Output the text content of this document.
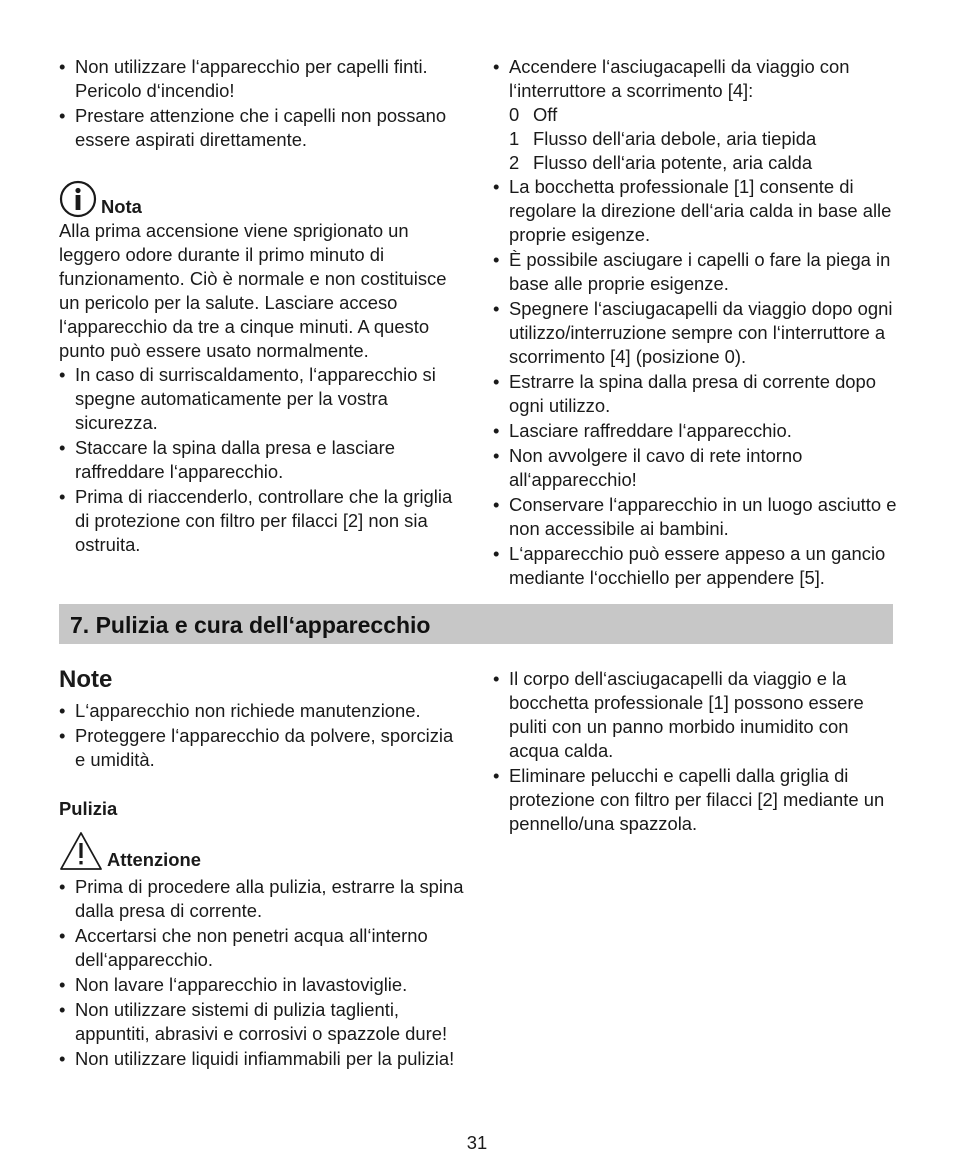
• Non utilizzare l‘apparecchio per capelli finti.
Pericolo d‘incendio!
• Prestare attenzione che i capelli non possano essere aspirati direttamente.
Nota

Alla prima accensione viene sprigionato un leggero odore durante il primo minuto di funzionamento. Ciò è normale e non costituisce un pericolo per la salute. Lasciare acceso l‘apparecchio da tre a cinque minuti. A questo punto può essere usato normalmente.

• In caso di surriscaldamento, l‘apparecchio si spegne automaticamente per la vostra sicurezza.
• Staccare la spina dalla presa e lasciare raffreddare l‘apparecchio.
• Prima di riaccenderlo, controllare che la griglia di protezione con filtro per filacci [2] non sia ostruita.
• Accendere l‘asciugacapelli da viaggio con l‘interruttore a scorrimento [4]:
0 Off
1 Flusso dell‘aria debole, aria tiepida
2 Flusso dell‘aria potente, aria calda
• La bocchetta professionale [1] consente di regolare la direzione dell‘aria calda in base alle proprie esigenze.
• È possibile asciugare i capelli o fare la piega in base alle proprie esigenze.
• Spegnere l‘asciugacapelli da viaggio dopo ogni utilizzo/interruzione sempre con l‘interruttore a scorrimento [4] (posizione 0).
• Estrarre la spina dalla presa di corrente dopo ogni utilizzo.
• Lasciare raffreddare l‘apparecchio.
• Non avvolgere il cavo di rete intorno all‘apparecchio!
• Conservare l‘apparecchio in un luogo asciutto e non accessibile ai bambini.
• L‘apparecchio può essere appeso a un gancio mediante l‘occhiello per appendere [5].
7. Pulizia e cura dell‘apparecchio
Note
• L‘apparecchio non richiede manutenzione.
• Proteggere l‘apparecchio da polvere, sporcizia e umidità.
Pulizia
Attenzione
• Prima di procedere alla pulizia, estrarre la spina dalla presa di corrente.
• Accertarsi che non penetri acqua all‘interno dell‘apparecchio.
• Non lavare l‘apparecchio in lavastoviglie.
• Non utilizzare sistemi di pulizia taglienti, appuntiti, abrasivi e corrosivi o spazzole dure!
• Non utilizzare liquidi infiammabili per la pulizia!
• Il corpo dell‘asciugacapelli da viaggio e la bocchetta professionale [1] possono essere puliti con un panno morbido inumidito con acqua calda.
• Eliminare pelucchi e capelli dalla griglia di protezione con filtro per filacci [2] mediante un pennello/una spazzola.
31
